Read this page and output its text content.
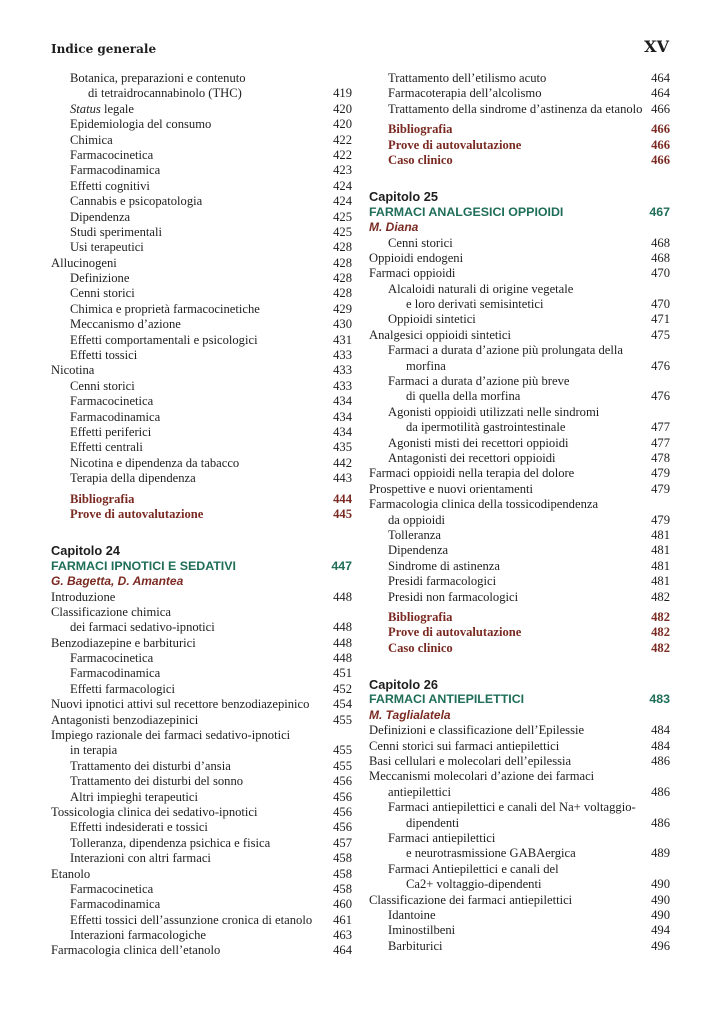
Indice generale	XV
Botanica, preparazioni e contenuto
di tetraidrocannabinolo (THC)	419
Status legale	420
Epidemiologia del consumo	420
Chimica	422
Farmacocinetica	422
Farmacodinamica	423
Effetti cognitivi	424
Cannabis e psicopatologia	424
Dipendenza	425
Studi sperimentali	425
Usi terapeutici	428
Allucinogeni	428
Definizione	428
Cenni storici	428
Chimica e proprietà farmacocinetiche	429
Meccanismo d’azione	430
Effetti comportamentali e psicologici	431
Effetti tossici	433
Nicotina	433
Cenni storici	433
Farmacocinetica	434
Farmacodinamica	434
Effetti periferici	434
Effetti centrali	435
Nicotina e dipendenza da tabacco	442
Terapia della dipendenza	443
Bibliografia	444
Prove di autovalutazione	445
Capitolo 24
FARMACI IPNOTICI E SEDATIVI	447
G. Bagetta, D. Amantea
Introduzione	448
Classificazione chimica
dei farmaci sedativo-ipnotici	448
Benzodiazepine e barbiturici	448
Farmacocinetica	448
Farmacodinamica	451
Effetti farmacologici	452
Nuovi ipnotici attivi sul recettore benzodiazepinico	454
Antagonisti benzodiazepinici	455
Impiego razionale dei farmaci sedativo-ipnotici
in terapia	455
Trattamento dei disturbi d’ansia	455
Trattamento dei disturbi del sonno	456
Altri impieghi terapeutici	456
Tossicologia clinica dei sedativo-ipnotici	456
Effetti indesiderati e tossici	456
Tolleranza, dipendenza psichica e fisica	457
Interazioni con altri farmaci	458
Etanolo	458
Farmacocinetica	458
Farmacodinamica	460
Effetti tossici dell’assunzione cronica di etanolo	461
Interazioni farmacologiche	463
Farmacologia clinica dell’etanolo	464
Trattamento dell’etilismo acuto	464
Farmacoterapia dell’alcolismo	464
Trattamento della sindrome d’astinenza da etanolo 466
Bibliografia	466
Prove di autovalutazione	466
Caso clinico	466
Capitolo 25
FARMACI ANALGESICI OPPIOIDI	467
M. Diana
Cenni storici	468
Oppioidi endogeni	468
Farmaci oppioidi	470
Alcaloidi naturali di origine vegetale
e loro derivati semisintetici	470
Oppioidi sintetici	471
Analgesici oppioidi sintetici	475
Farmaci a durata d’azione più prolungata della
morfina	476
Farmaci a durata d’azione più breve
di quella della morfina	476
Agonisti oppioidi utilizzati nelle sindromi
da ipermotilità gastrointestinale	477
Agonisti misti dei recettori oppioidi	477
Antagonisti dei recettori oppioidi	478
Farmaci oppioidi nella terapia del dolore	479
Prospettive e nuovi orientamenti	479
Farmacologia clinica della tossicodipendenza
da oppioidi	479
Tolleranza	481
Dipendenza	481
Sindrome di astinenza	481
Presidi farmacologici	481
Presidi non farmacologici	482
Bibliografia	482
Prove di autovalutazione	482
Caso clinico	482
Capitolo 26
FARMACI ANTIEPILETTICI	483
M. Taglialatela
Definizioni e classificazione dell’Epilessie	484
Cenni storici sui farmaci antiepilettici	484
Basi cellulari e molecolari dell’epilessia	486
Meccanismi molecolari d’azione dei farmaci
antiepilettici	486
Farmaci antiepilettici e canali del Na+ voltaggio-
dipendenti	486
Farmaci antiepilettici
e neurotrasmissione GABAergica	489
Farmaci Antiepilettici e canali del
Ca2+ voltaggio-dipendenti	490
Classificazione dei farmaci antiepilettici	490
Idantoine	490
Iminostilbeni	494
Barbiturici	496
